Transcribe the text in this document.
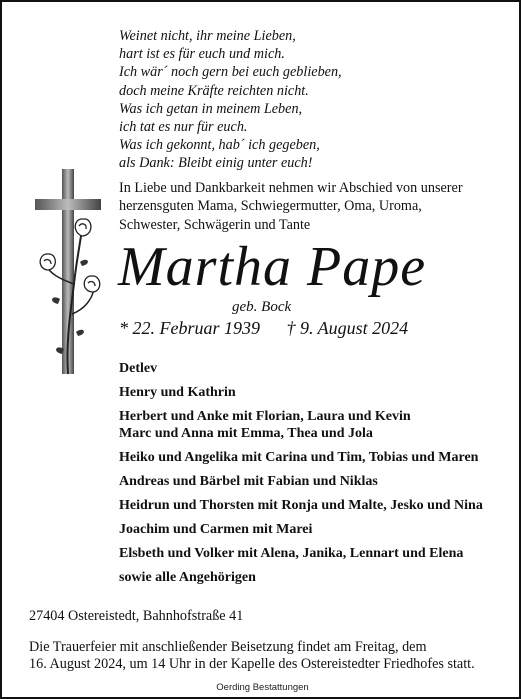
Weinet nicht, ihr meine Lieben,
hart ist es für euch und mich.
Ich wär´ noch gern bei euch geblieben,
doch meine Kräfte reichten nicht.
Was ich getan in meinem Leben,
ich tat es nur für euch.
Was ich gekonnt, hab´ ich gegeben,
als Dank: Bleibt einig unter euch!
In Liebe und Dankbarkeit nehmen wir Abschied von unserer
herzensguten Mama, Schwiegermutter, Oma, Uroma,
Schwester, Schwägerin und Tante
Martha Pape
geb. Bock
* 22. Februar 1939 † 9. August 2024
Detlev
Henry und Kathrin
Herbert und Anke mit Florian, Laura und Kevin
Marc und Anna mit Emma, Thea und Jola
Heiko und Angelika mit Carina und Tim, Tobias und Maren
Andreas und Bärbel mit Fabian und Niklas
Heidrun und Thorsten mit Ronja und Malte, Jesko und Nina
Joachim und Carmen mit Marei
Elsbeth und Volker mit Alena, Janika, Lennart und Elena
sowie alle Angehörigen
27404 Ostereistedt, Bahnhofstraße 41
Die Trauerfeier mit anschließender Beisetzung findet am Freitag, dem
16. August 2024, um 14 Uhr in der Kapelle des Ostereistedter Friedhofes statt.
Oerding Bestattungen
